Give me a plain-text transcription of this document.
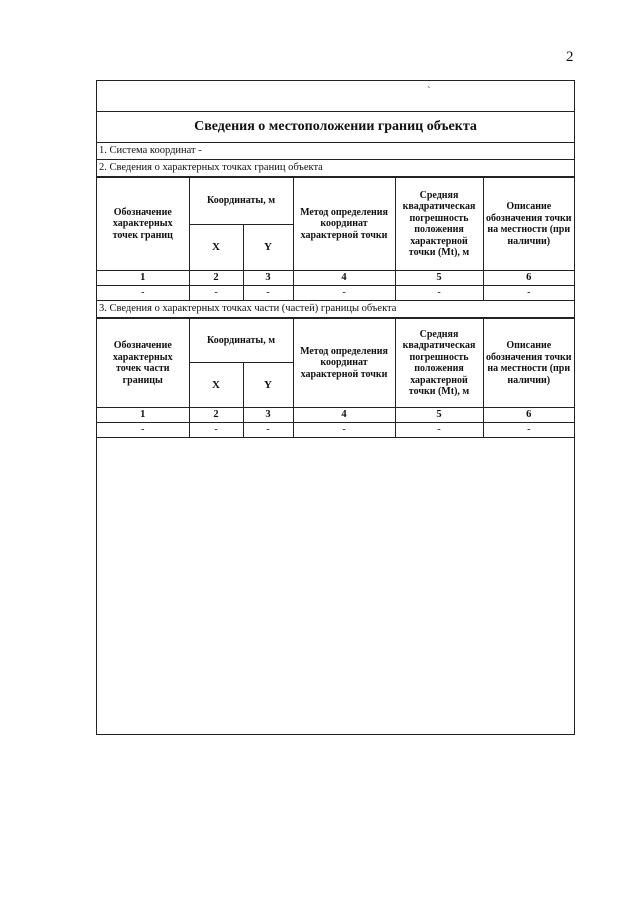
2
`
Сведения о местоположении границ объекта
1. Система координат -
2. Сведения о характерных точках границ объекта
Обозначение характерных точек границ	Координаты, м		Метод определения координат характерной точки	Средняя квадратическая погрешность положения характерной точки (Mt), м	Описание обозначения точки на местности (при наличии)
	X	Y			
1	2	3	4	5	6
-	-	-	-	-	-
3. Сведения о характерных точках части (частей) границы объекта
Обозначение характерных точек части границы	Координаты, м		Метод определения координат характерной точки	Средняя квадратическая погрешность положения характерной точки (Mt), м	Описание обозначения точки на местности (при наличии)
	X	Y			
1	2	3	4	5	6
-	-	-	-	-	-
